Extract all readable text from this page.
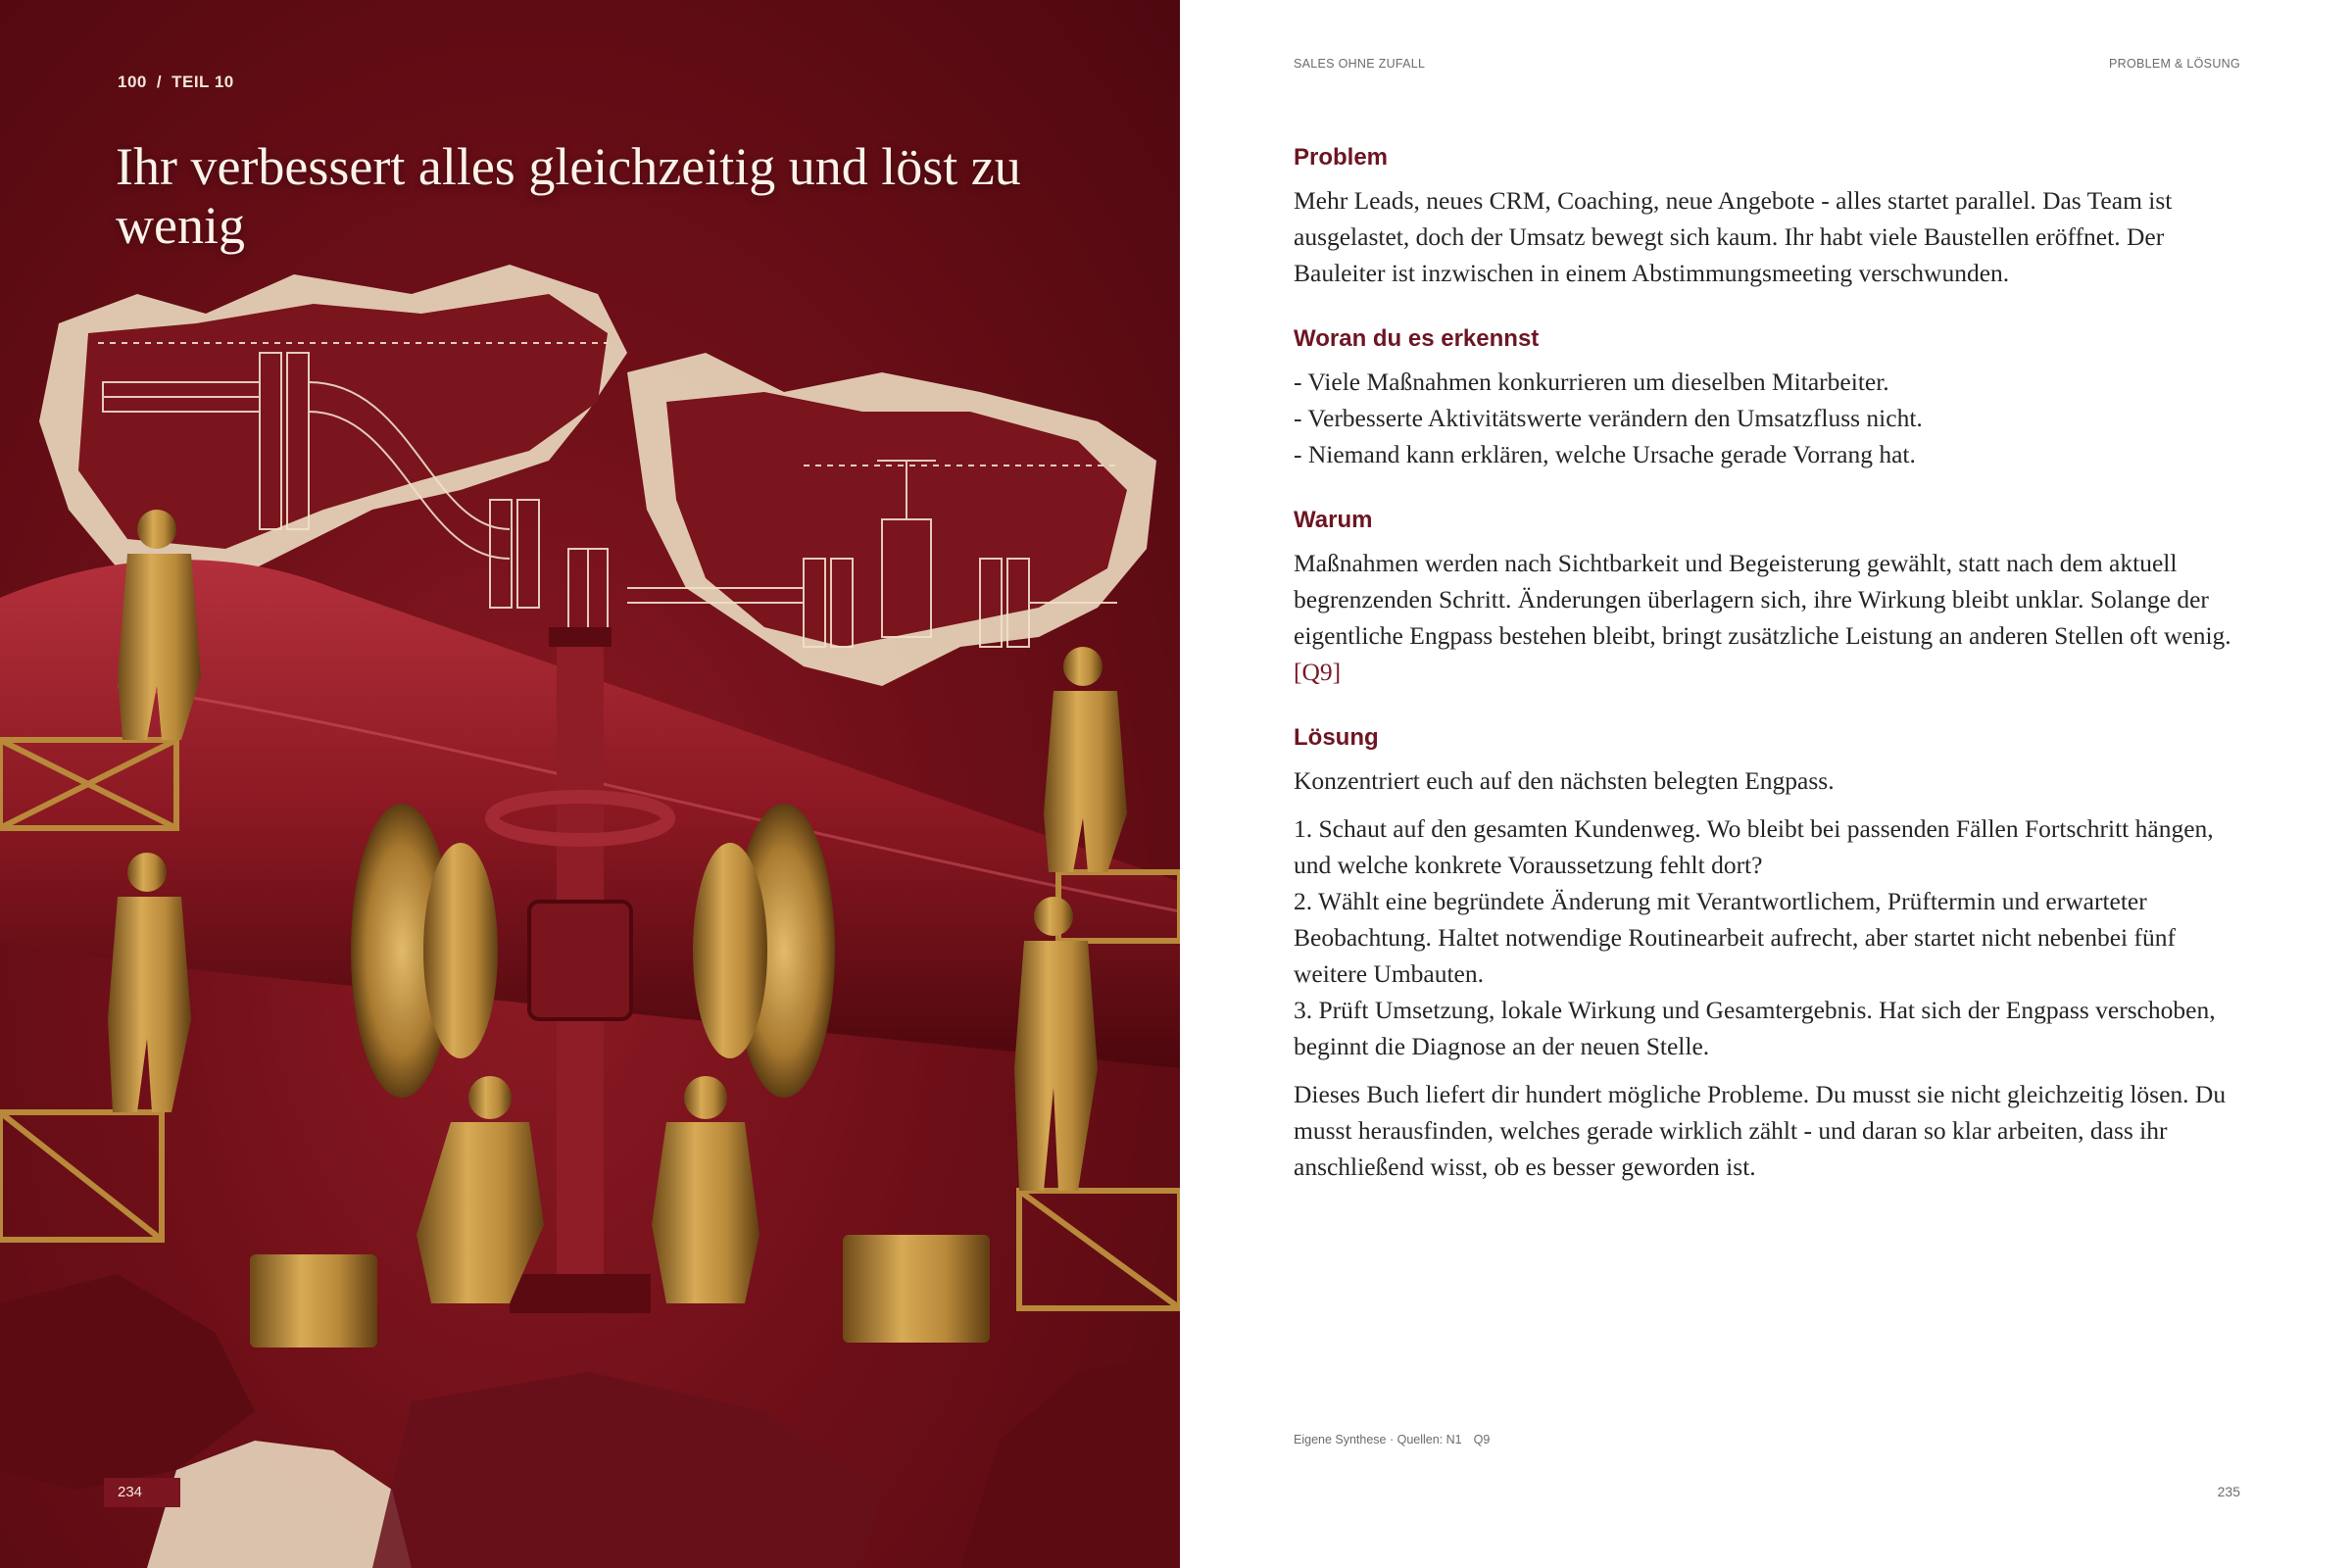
100 / TEIL 10
Ihr verbessert alles gleichzeitig und löst zu wenig
234
SALES OHNE ZUFALL	PROBLEM & LÖSUNG
Problem

Mehr Leads, neues CRM, Coaching, neue Angebote - alles startet parallel. Das Team ist ausgelastet, doch der Umsatz bewegt sich kaum. Ihr habt viele Baustellen eröffnet. Der Bauleiter ist inzwischen in einem Abstimmungsmeeting verschwunden.

Woran du es erkennst

- Viele Maßnahmen konkurrieren um dieselben Mitarbeiter.

- Verbesserte Aktivitätswerte verändern den Umsatzfluss nicht.

- Niemand kann erklären, welche Ursache gerade Vorrang hat.

Warum

Maßnahmen werden nach Sichtbarkeit und Begeisterung gewählt, statt nach dem aktuell begrenzenden Schritt. Änderungen überlagern sich, ihre Wirkung bleibt unklar. Solange der eigentliche Engpass bestehen bleibt, bringt zusätzliche Leistung an anderen Stellen oft wenig. [Q9]

Lösung

Konzentriert euch auf den nächsten belegten Engpass.

1. Schaut auf den gesamten Kundenweg. Wo bleibt bei passenden Fällen Fortschritt hängen, und welche konkrete Voraussetzung fehlt dort?

2. Wählt eine begründete Änderung mit Verantwortlichem, Prüftermin und erwarteter Beobachtung. Haltet notwendige Routinearbeit aufrecht, aber startet nicht nebenbei fünf weitere Umbauten.

3. Prüft Umsetzung, lokale Wirkung und Gesamtergebnis. Hat sich der Engpass verschoben, beginnt die Diagnose an der neuen Stelle.

Dieses Buch liefert dir hundert mögliche Probleme. Du musst sie nicht gleichzeitig lösen. Du musst herausfinden, welches gerade wirklich zählt - und daran so klar arbeiten, dass ihr anschließend wisst, ob es besser geworden ist.

Eigene Synthese · Quellen: N1 Q9
235
